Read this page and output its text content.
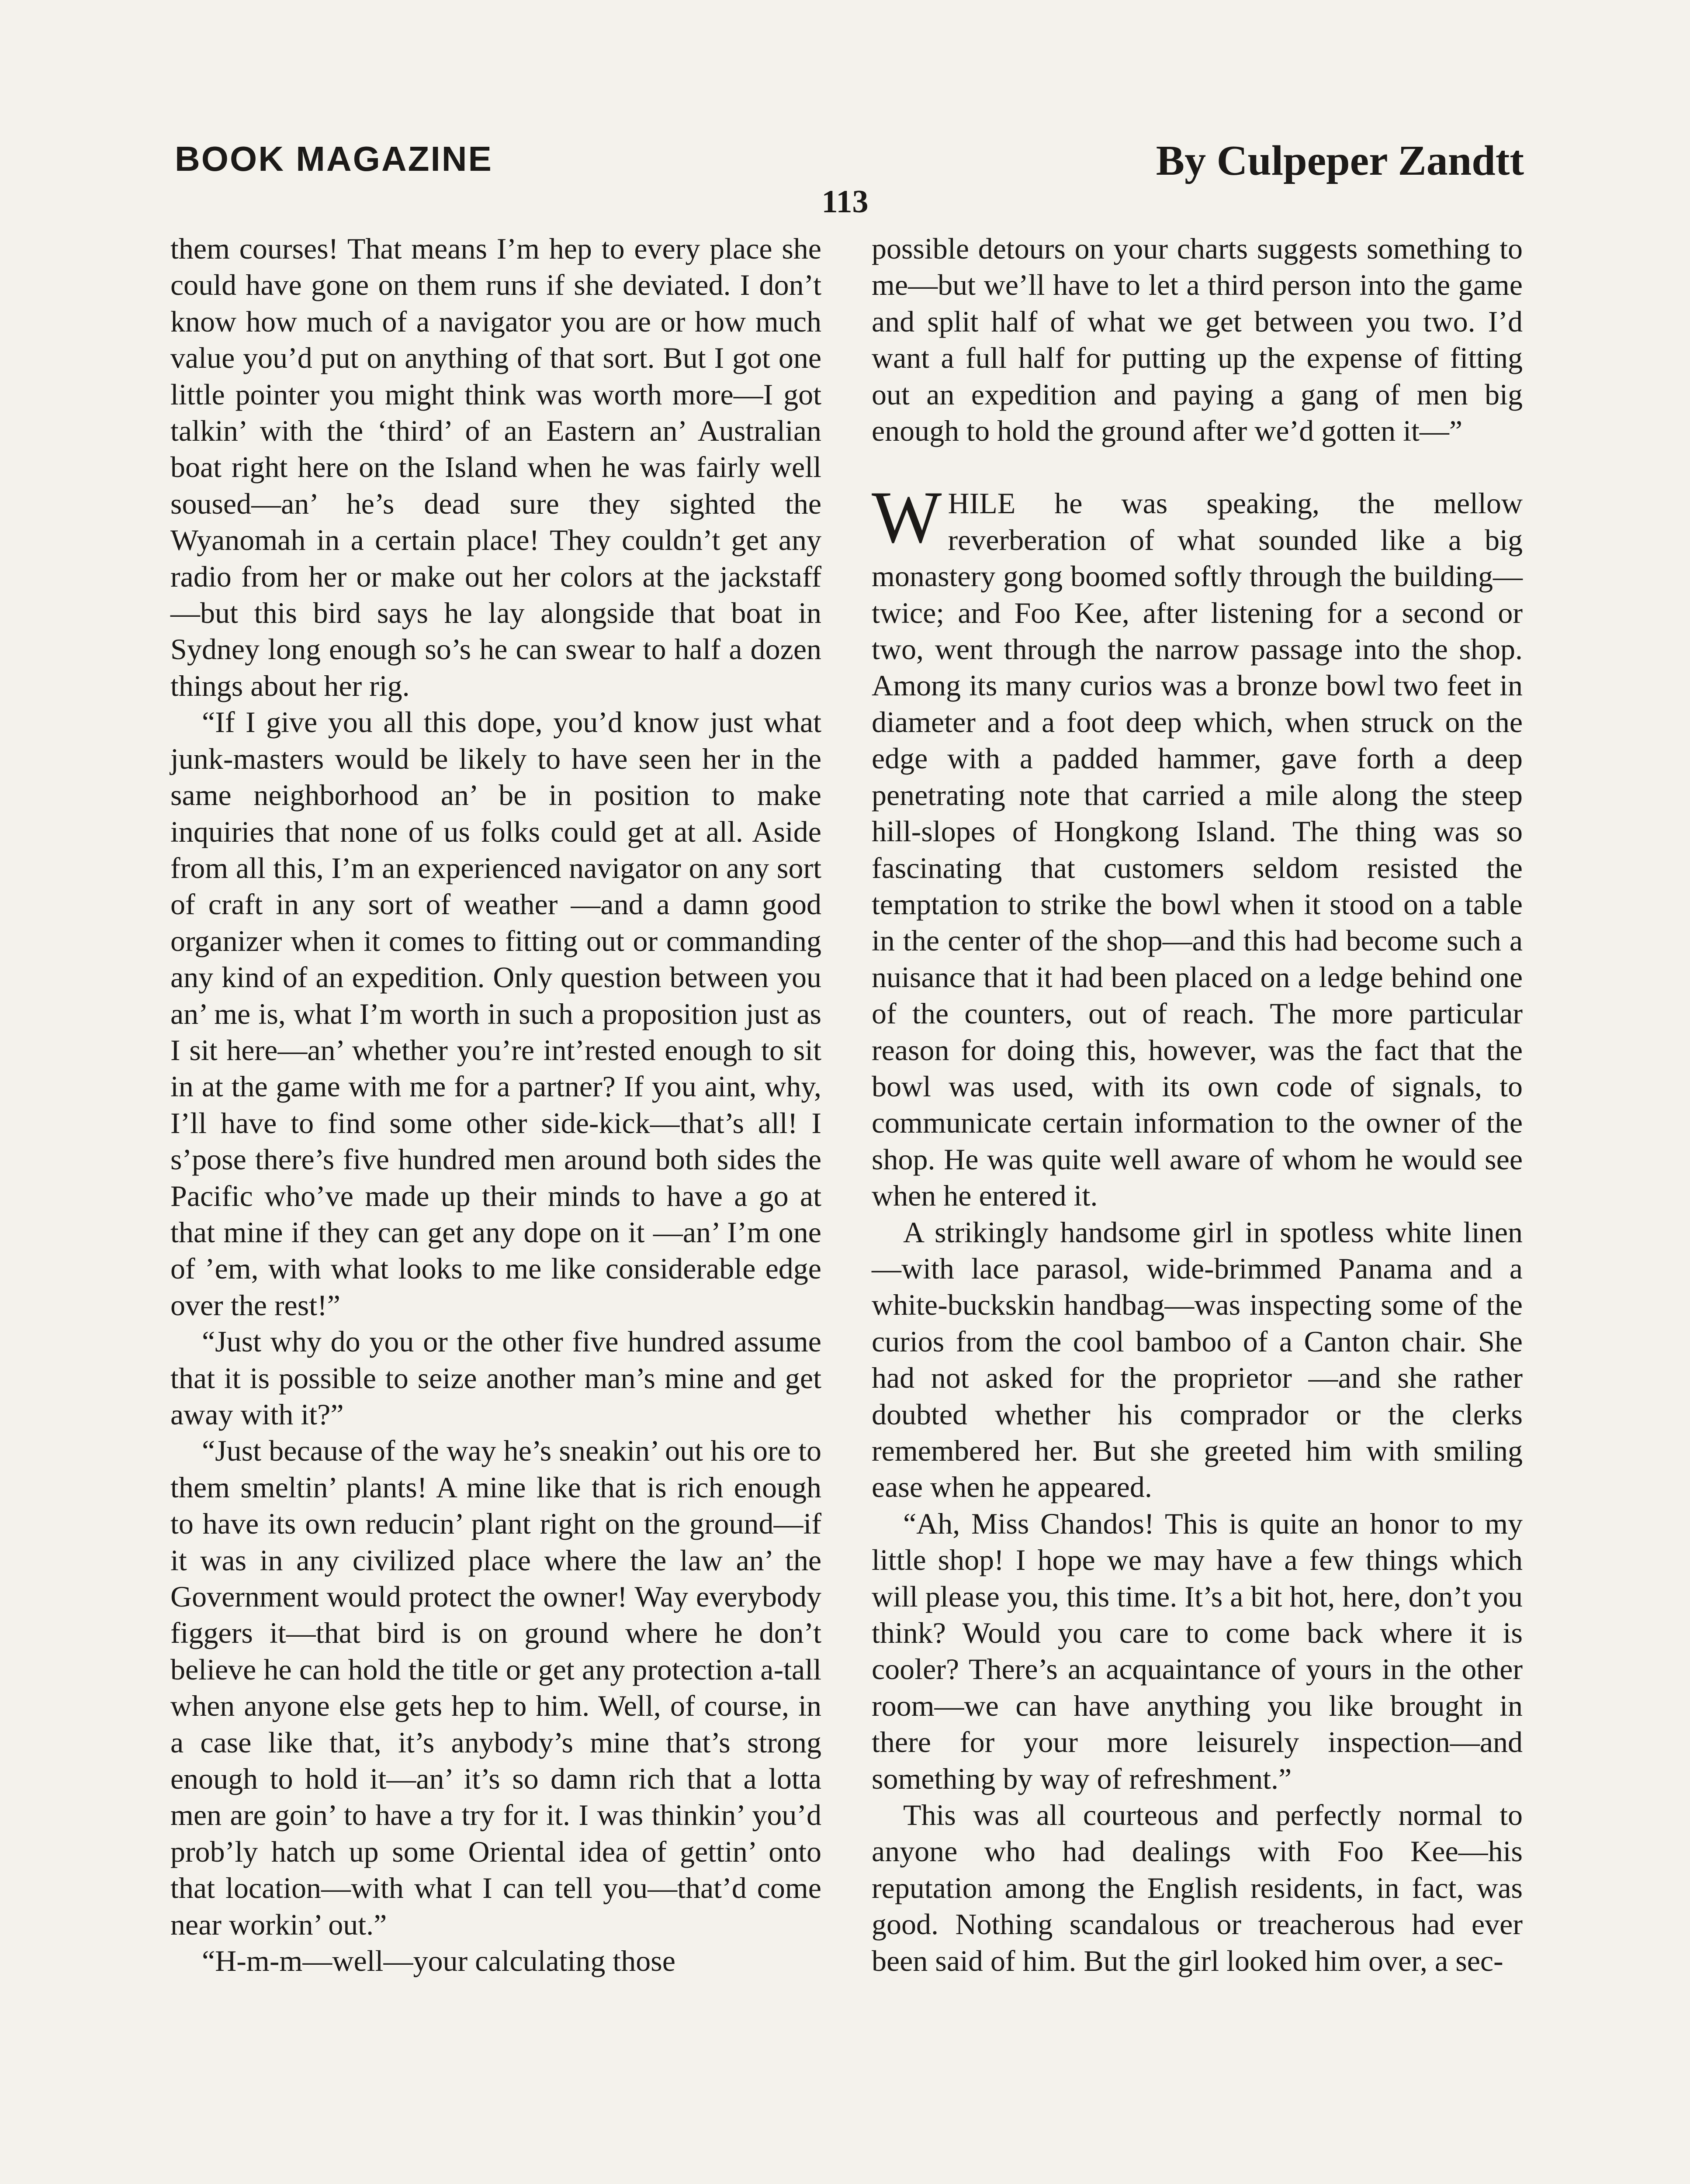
BOOK MAGAZINE	By Culpeper Zandtt
113

them courses! That means I’m hep to every place she could have gone on them runs if she deviated. I don’t know how much of a navigator you are or how much value you’d put on anything of that sort. But I got one little pointer you might think was worth more—I got talkin’ with the ‘third’ of an Eastern an’ Australian boat right here on the Island when he was fairly well soused—an’ he’s dead sure they sighted the Wyanomah in a certain place! They couldn’t get any radio from her or make out her colors at the jackstaff—but this bird says he lay alongside that boat in Sydney long enough so’s he can swear to half a dozen things about her rig.

“If I give you all this dope, you’d know just what junk-masters would be likely to have seen her in the same neighborhood an’ be in position to make inquiries that none of us folks could get at all. Aside from all this, I’m an experienced navigator on any sort of craft in any sort of weather —and a damn good organizer when it comes to fitting out or commanding any kind of an expedition. Only question between you an’ me is, what I’m worth in such a proposition just as I sit here—an’ whether you’re int’rested enough to sit in at the game with me for a partner? If you aint, why, I’ll have to find some other side-kick—that’s all! I s’pose there’s five hundred men around both sides the Pacific who’ve made up their minds to have a go at that mine if they can get any dope on it —an’ I’m one of ’em, with what looks to me like considerable edge over the rest!”

“Just why do you or the other five hundred assume that it is possible to seize another man’s mine and get away with it?”

“Just because of the way he’s sneakin’ out his ore to them smeltin’ plants! A mine like that is rich enough to have its own reducin’ plant right on the ground—if it was in any civilized place where the law an’ the Government would protect the owner! Way everybody figgers it—that bird is on ground where he don’t believe he can hold the title or get any protection a-tall when anyone else gets hep to him. Well, of course, in a case like that, it’s anybody’s mine that’s strong enough to hold it—an’ it’s so damn rich that a lotta men are goin’ to have a try for it. I was thinkin’ you’d prob’ly hatch up some Oriental idea of gettin’ onto that location—with what I can tell you—that’d come near workin’ out.”

“H-m-m—well—your calculating those

possible detours on your charts suggests something to me—but we’ll have to let a third person into the game and split half of what we get between you two. I’d want a full half for putting up the expense of fitting out an expedition and paying a gang of men big enough to hold the ground after we’d gotten it—”

WHILE he was speaking, the mellow reverberation of what sounded like a big monastery gong boomed softly through the building—twice; and Foo Kee, after listening for a second or two, went through the narrow passage into the shop. Among its many curios was a bronze bowl two feet in diameter and a foot deep which, when struck on the edge with a padded hammer, gave forth a deep penetrating note that carried a mile along the steep hill-slopes of Hongkong Island. The thing was so fascinating that customers seldom resisted the temptation to strike the bowl when it stood on a table in the center of the shop—and this had become such a nuisance that it had been placed on a ledge behind one of the counters, out of reach. The more particular reason for doing this, however, was the fact that the bowl was used, with its own code of signals, to communicate certain information to the owner of the shop. He was quite well aware of whom he would see when he entered it.

A strikingly handsome girl in spotless white linen—with lace parasol, wide-brimmed Panama and a white-buckskin handbag—was inspecting some of the curios from the cool bamboo of a Canton chair. She had not asked for the proprietor —and she rather doubted whether his comprador or the clerks remembered her. But she greeted him with smiling ease when he appeared.

“Ah, Miss Chandos! This is quite an honor to my little shop! I hope we may have a few things which will please you, this time. It’s a bit hot, here, don’t you think? Would you care to come back where it is cooler? There’s an acquaintance of yours in the other room—we can have anything you like brought in there for your more leisurely inspection—and something by way of refreshment.”

This was all courteous and perfectly normal to anyone who had dealings with Foo Kee—his reputation among the English residents, in fact, was good. Nothing scandalous or treacherous had ever been said of him. But the girl looked him over, a sec-
